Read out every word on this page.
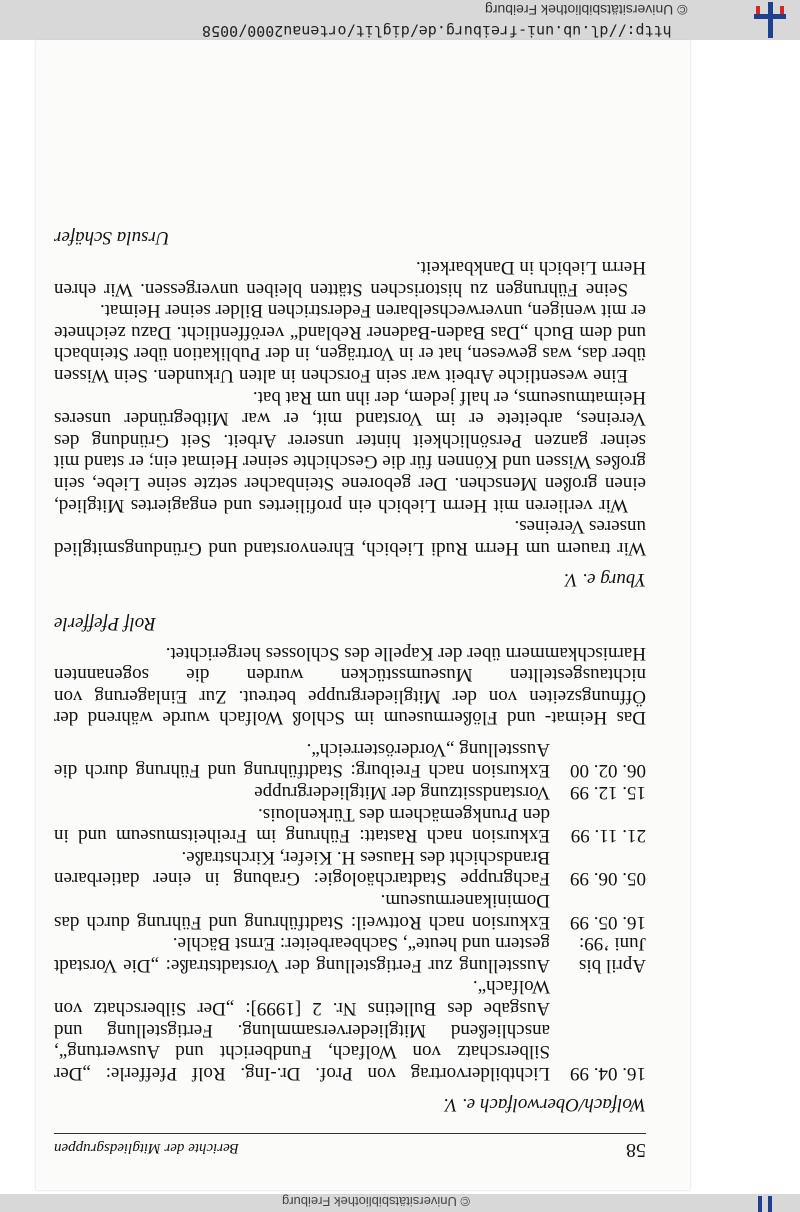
http://dl.ub.uni-freiburg.de/diglit/ortenau2000/0058
© Universitätsbibliothek Freiburg
58
Berichte der Mitgliedsgruppen
Wolfach/Oberwolfach e. V.
16. 04. 99
Lichtbildervortrag von Prof. Dr.-Ing. Rolf Pfefferle: „Der Silberschatz von Wolfach, Fundbericht und Auswertung“, anschließend Mitgliederversammlung. Fertigstellung und Ausgabe des Bulletins Nr. 2 [1999]: „Der Silberschatz von Wolfach“.
April bis Juni ’99:
Ausstellung zur Fertigstellung der Vorstadtstraße: „Die Vorstadt gestern und heute“, Sachbearbeiter: Ernst Bächle.
16. 05. 99
Exkursion nach Rottweil: Stadtführung und Führung durch das Dominikanermuseum.
05. 06. 99
Fachgruppe Stadtarchäologie: Grabung in einer datierbaren Brandschicht des Hauses H. Kiefer, Kirchstraße.
21. 11. 99
Exkursion nach Rastatt: Führung im Freiheitsmuseum und in den Prunkgemächern des Türkenlouis.
15. 12. 99
Vorstandssitzung der Mitgliedergruppe
06. 02. 00
Exkursion nach Freiburg: Stadtführung und Führung durch die Ausstellung „Vorderösterreich“.

Das Heimat- und Flößermuseum im Schloß Wolfach wurde während der Öffnungszeiten von der Mitgliedergruppe betreut. Zur Einlagerung von nichtausgestellten Museumsstücken wurden die sogenannten Harnischkammern über der Kapelle des Schlosses hergerichtet.

Rolf Pfefferle
Yburg e. V.

Wir trauern um Herrn Rudi Liebich, Ehrenvorstand und Gründungsmitglied unseres Vereines.

Wir verlieren mit Herrn Liebich ein profiliertes und engagiertes Mitglied, einen großen Menschen. Der geborene Steinbacher setzte seine Liebe, sein großes Wissen und Können für die Geschichte seiner Heimat ein; er stand mit seiner ganzen Persönlichkeit hinter unserer Arbeit. Seit Gründung des Vereines, arbeitete er im Vorstand mit, er war Mitbegründer unseres Heimatmuseums, er half jedem, der ihn um Rat bat.

Eine wesentliche Arbeit war sein Forschen in alten Urkunden. Sein Wissen über das, was gewesen, hat er in Vorträgen, in der Publikation über Steinbach und dem Buch „Das Baden-Badener Rebland“ veröffentlicht. Dazu zeichnete er mit wenigen, unverwechselbaren Federstrichen Bilder seiner Heimat.

Seine Führungen zu historischen Stätten bleiben unvergessen. Wir ehren Herrn Liebich in Dankbarkeit.

Ursula Schäfer
© Universitätsbibliothek Freiburg
